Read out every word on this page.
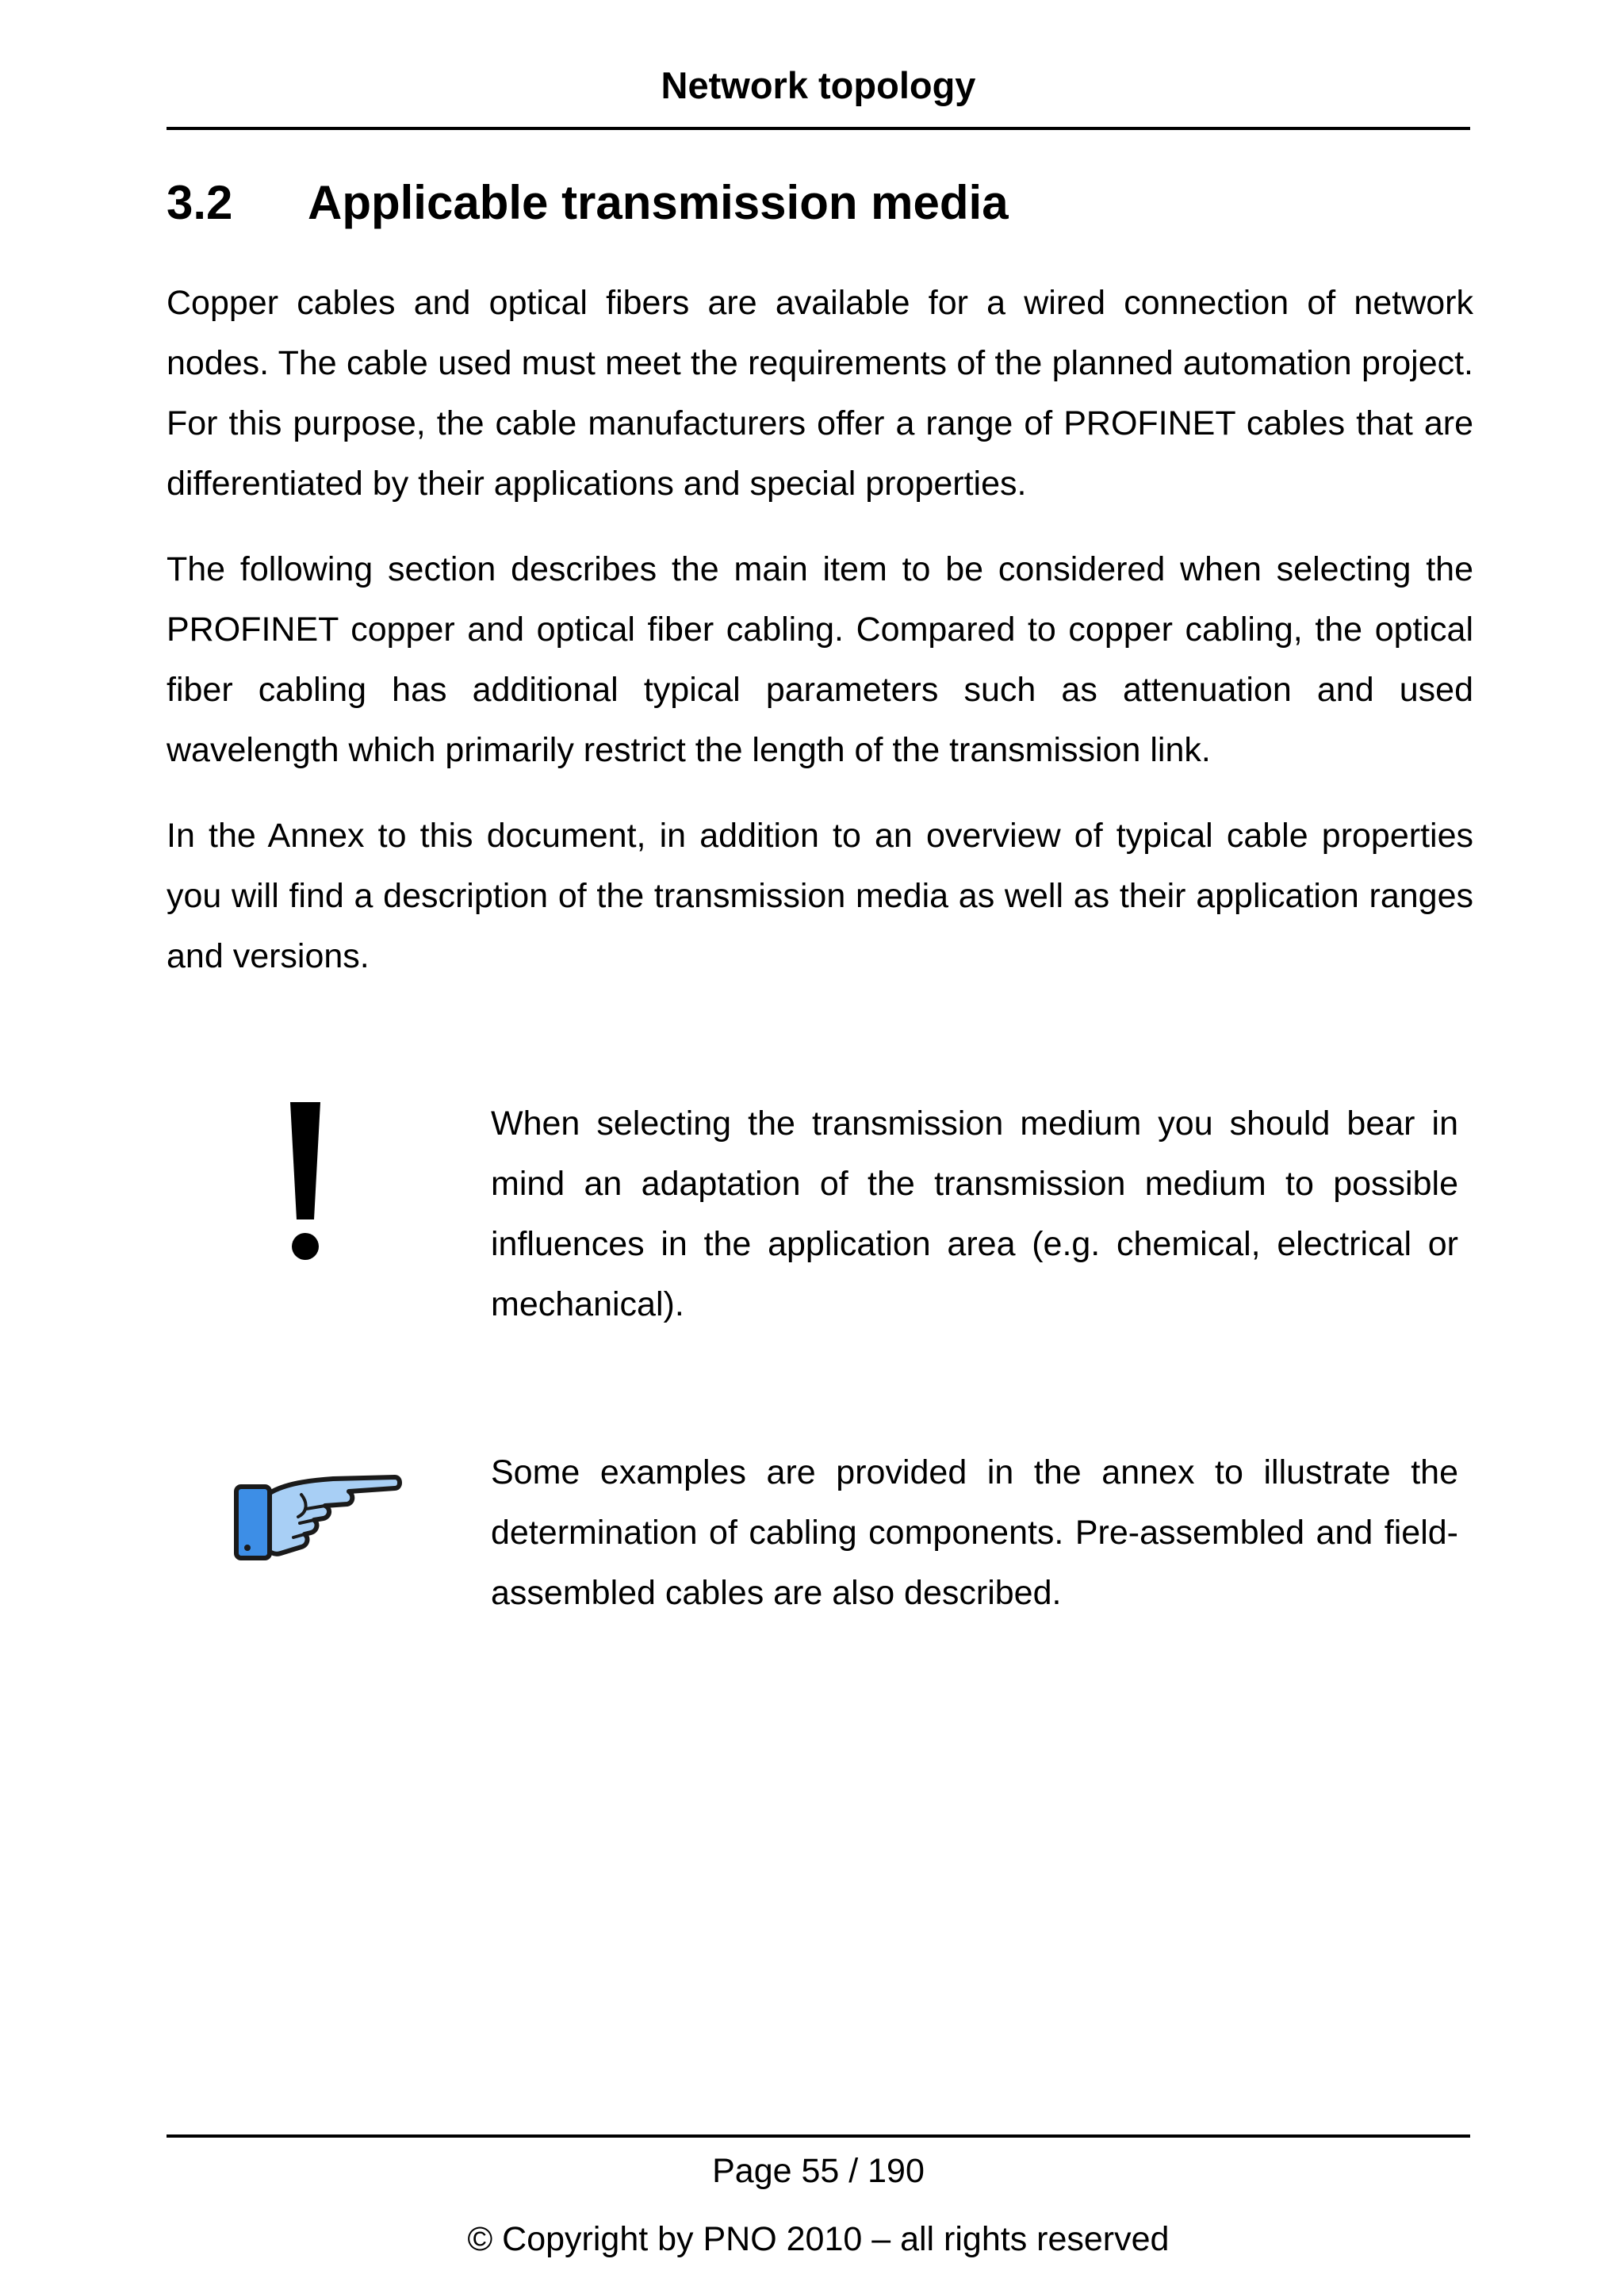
Network topology
3.2 Applicable transmission media

Copper cables and optical fibers are available for a wired connection of network nodes. The cable used must meet the requirements of the planned automation project. For this purpose, the cable manufacturers offer a range of PROFINET cables that are differentiated by their applications and special properties.

The following section describes the main item to be considered when selecting the PROFINET copper and optical fiber cabling. Compared to copper cabling, the optical fiber cabling has additional typical parameters such as attenuation and used wavelength which primarily restrict the length of the transmission link.

In the Annex to this document, in addition to an overview of typical cable properties you will find a description of the transmission media as well as their application ranges and versions.

When selecting the transmission medium you should bear in mind an adaptation of the transmission medium to possible influences in the application area (e.g. chemical, electrical or mechanical).

Some examples are provided in the annex to illustrate the determination of cabling components. Pre-assembled and field-assembled cables are also described.

Page 55 / 190
© Copyright by PNO 2010 – all rights reserved
